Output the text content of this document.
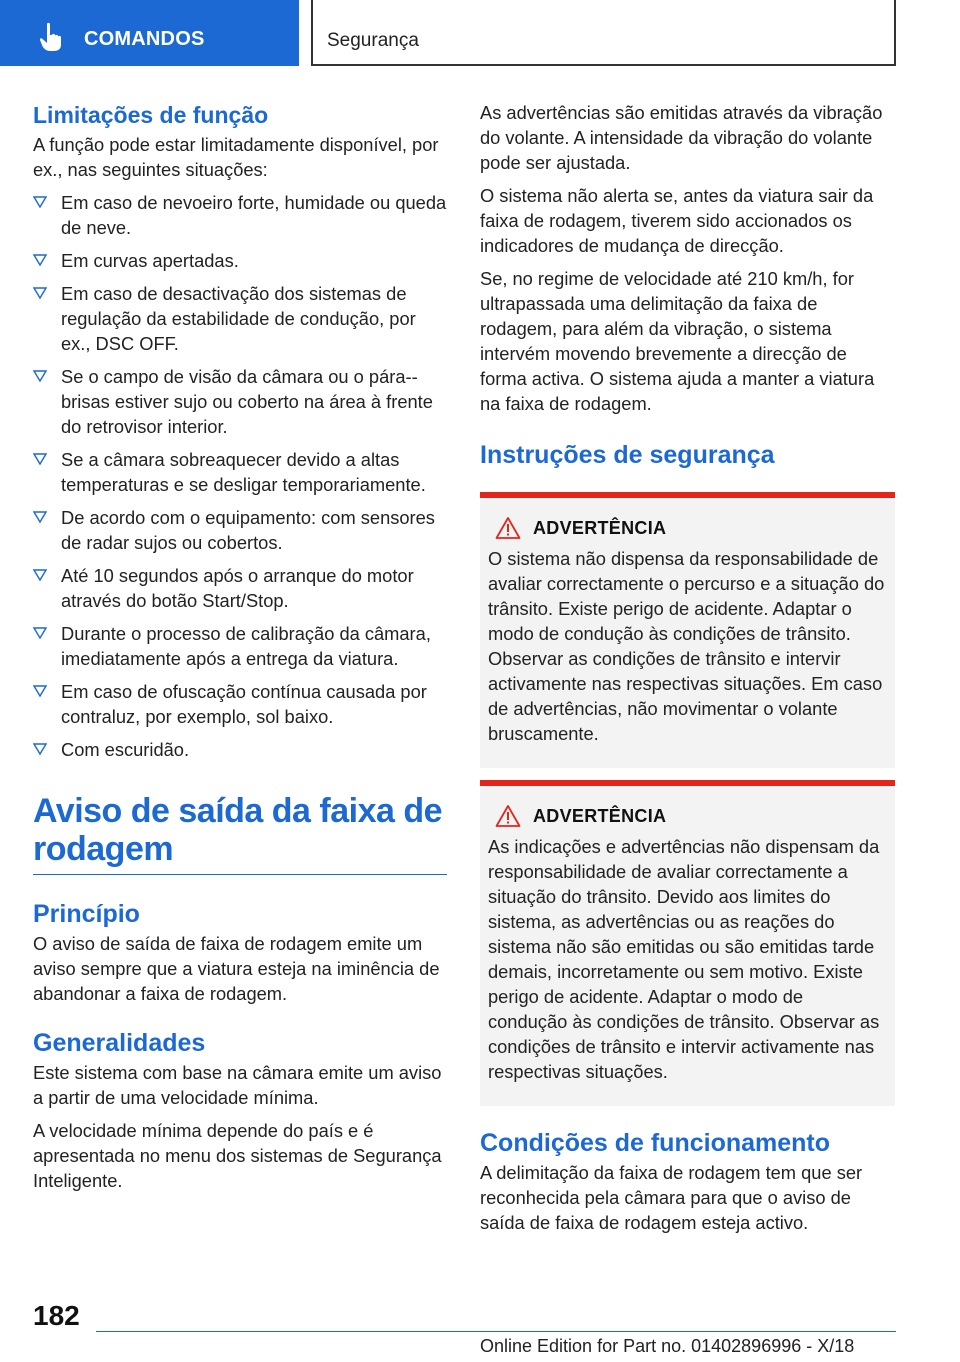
COMANDOS	Segurança
Limitações de função
A função pode estar limitadamente disponível, por ex., nas seguintes situações:
Em caso de nevoeiro forte, humidade ou queda de neve.
Em curvas apertadas.
Em caso de desactivação dos sistemas de regulação da estabilidade de condução, por ex., DSC OFF.
Se o campo de visão da câmara ou o pára--brisas estiver sujo ou coberto na área à frente do retrovisor interior.
Se a câmara sobreaquecer devido a altas temperaturas e se desligar temporariamente.
De acordo com o equipamento: com sensores de radar sujos ou cobertos.
Até 10 segundos após o arranque do motor através do botão Start/Stop.
Durante o processo de calibração da câmara, imediatamente após a entrega da viatura.
Em caso de ofuscação contínua causada por contraluz, por exemplo, sol baixo.
Com escuridão.
Aviso de saída da faixa de rodagem
Princípio
O aviso de saída de faixa de rodagem emite um aviso sempre que a viatura esteja na iminência de abandonar a faixa de rodagem.
Generalidades
Este sistema com base na câmara emite um aviso a partir de uma velocidade mínima.
A velocidade mínima depende do país e é apresentada no menu dos sistemas de Segurança Inteligente.
As advertências são emitidas através da vibração do volante. A intensidade da vibração do volante pode ser ajustada.
O sistema não alerta se, antes da viatura sair da faixa de rodagem, tiverem sido accionados os indicadores de mudança de direcção.
Se, no regime de velocidade até 210 km/h, for ultrapassada uma delimitação da faixa de rodagem, para além da vibração, o sistema intervém movendo brevemente a direcção de forma activa. O sistema ajuda a manter a viatura na faixa de rodagem.
Instruções de segurança
ADVERTÊNCIA
O sistema não dispensa da responsabilidade de avaliar correctamente o percurso e a situação do trânsito. Existe perigo de acidente. Adaptar o modo de condução às condições de trânsito. Observar as condições de trânsito e intervir activamente nas respectivas situações. Em caso de advertências, não movimentar o volante bruscamente.
ADVERTÊNCIA
As indicações e advertências não dispensam da responsabilidade de avaliar correctamente a situação do trânsito. Devido aos limites do sistema, as advertências ou as reações do sistema não são emitidas ou são emitidas tarde demais, incorretamente ou sem motivo. Existe perigo de acidente. Adaptar o modo de condução às condições de trânsito. Observar as condições de trânsito e intervir activamente nas respectivas situações.
Condições de funcionamento
A delimitação da faixa de rodagem tem que ser reconhecida pela câmara para que o aviso de saída de faixa de rodagem esteja activo.
182
Online Edition for Part no. 01402896996 - X/18
